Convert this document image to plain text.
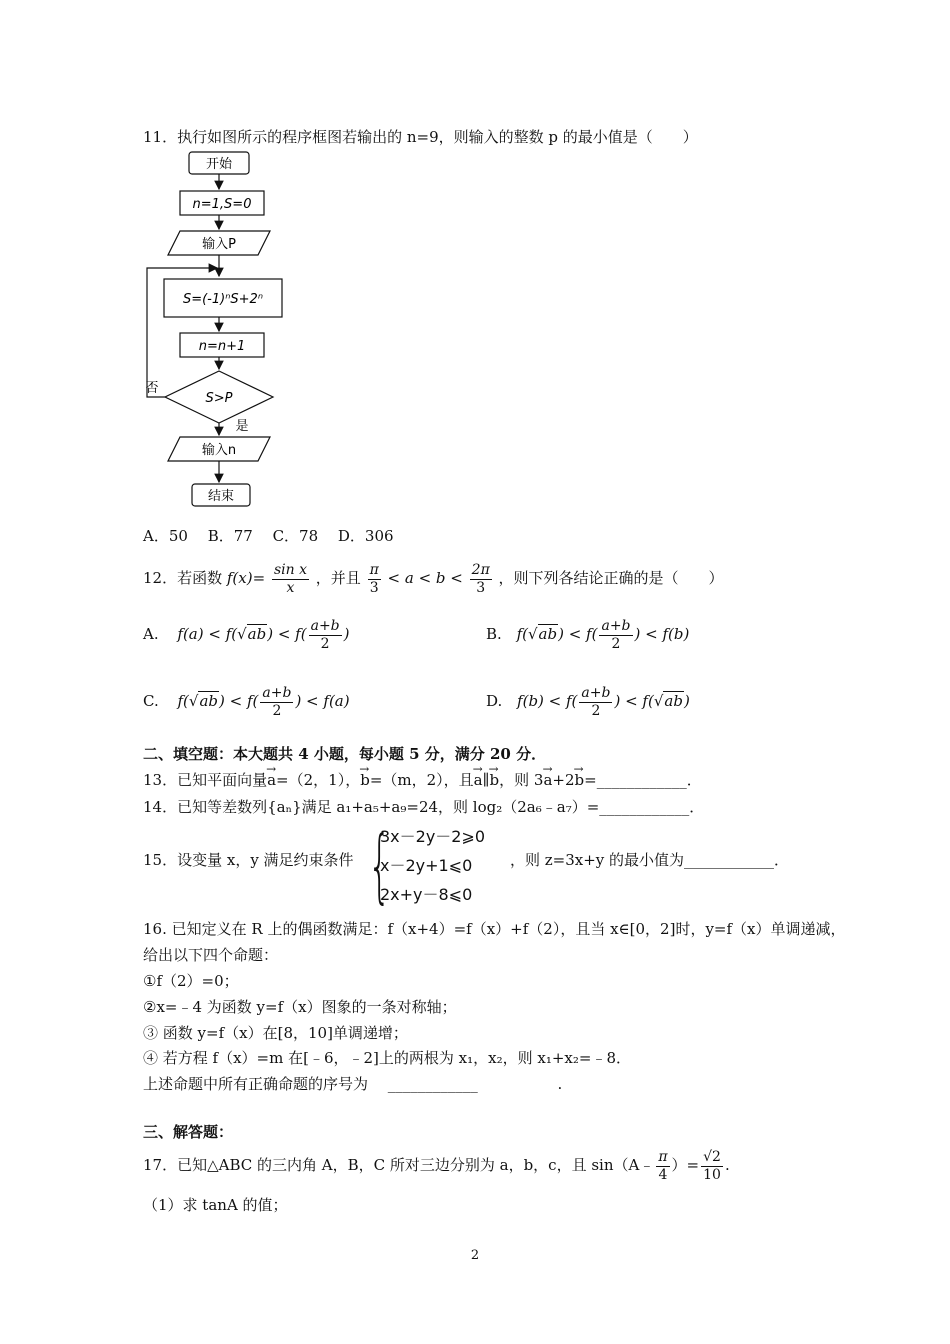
11．执行如图所示的程序框图若输出的 n=9，则输入的整数 p 的最小值是（　　）
开始
n=1,S=0
输入P
S=(-1)ⁿS+2ⁿ
n=n+1
S>P
否
是
输入n
结束
A．50　 B．77　 C．78　 D．306
12．若函数 $f(x)= \frac{\text{sin x}}{x}$ ，并且 $\frac{\pi}{3} < a < b < \frac{2\pi}{3}$ ，则下列各结论正确的是（　　）
A. $f(a) < f(√ab) < f( \frac{a+b}{2}$ )	B. $f(√ab) < f( \frac{a+b}{2}$ ) < f(b)
C. $f(√ab) < f( \frac{a+b}{2}$ ) < f(a)	D. $f(b) < f( \frac{a+b}{2}$ ) < f(√ab)
二、填空题：本大题共 4 小题，每小题 5 分，满分 20 分．
13．已知平面向量→ a=（2，1），→ b=（m，2），且→ a∥→ b，则 3→ a+2→ b=____________．
14．已知等差数列{aₙ}满足 a₁+a₅+a₉=24，则 log₂（2a₆﹣a₇）=____________．
15．设变量 x，y 满足约束条件 {
3x－2y－2⩾0
x－2y+1⩽0
2x+y－8⩽0
，则 z=3x+y 的最小值为____________．
16. 已知定义在 R 上的偶函数满足：f（x+4）=f（x）+f（2），且当 x∈[0，2]时，y=f（x）单调递减，
给出以下四个命题：
①f（2）=0；
②x=﹣4 为函数 y=f（x）图象的一条对称轴；
③ 函数 y=f（x）在[8，10]单调递增；
④ 若方程 f（x）=m 在[﹣6，﹣2]上的两根为 x₁，x₂，则 x₁+x₂=﹣8．
上述命题中所有正确命题的序号为　 ____________　　　　　 .
三、解答题：
17．已知△ABC 的三内角 A，B，C 所对三边分别为 a，b，c，且 sin（A﹣ $\frac{\pi}{4}$ ）= $\frac{√2}{10}$ .
（1）求 tanA 的值；
2
